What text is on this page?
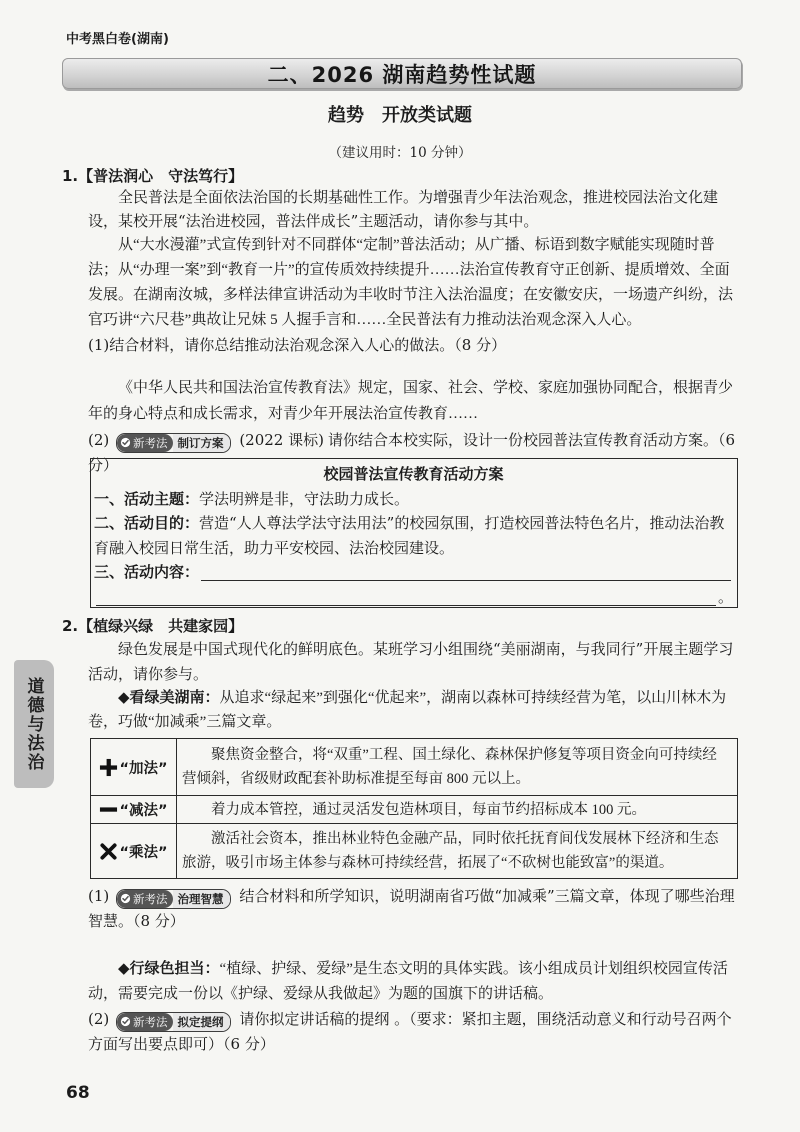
中考黑白卷(湖南)
二、2026 湖南趋势性试题
趋势　开放类试题
（建议用时：10 分钟）
1.【普法润心　守法笃行】

全民普法是全面依法治国的长期基础性工作。为增强青少年法治观念，推进校园法治文化建设，某校开展“法治进校园，普法伴成长”主题活动，请你参与其中。

从“大水漫灌”式宣传到针对不同群体“定制”普法活动；从广播、标语到数字赋能实现随时普法；从“办理一案”到“教育一片”的宣传质效持续提升……法治宣传教育守正创新、提质增效、全面发展。在湖南汝城，多样法律宣讲活动为丰收时节注入法治温度；在安徽安庆，一场遗产纠纷，法官巧讲“六尺巷”典故让兄妹 5 人握手言和……全民普法有力推动法治观念深入人心。

(1)结合材料，请你总结推动法治观念深入人心的做法。（8 分）

《中华人民共和国法治宣传教育法》规定，国家、社会、学校、家庭加强协同配合，根据青少年的身心特点和成长需求，对青少年开展法治宣传教育……

(2) 新考法 制订方案	(2022 课标) 请你结合本校实际，设计一份校园普法宣传教育活动方案。（6 分）

校园普法宣传教育活动方案

一、活动主题：学法明辨是非，守法助力成长。

二、活动目的：营造“人人尊法学法守法用法”的校园氛围，打造校园普法特色名片，推动法治教育融入校园日常生活，助力平安校园、法治校园建设。

三、活动内容：
。
2.【植绿兴绿　共建家园】

绿色发展是中国式现代化的鲜明底色。某班学习小组围绕“美丽湖南，与我同行”开展主题学习活动，请你参与。

◆看绿美湖南：从追求“绿起来”到强化“优起来”，湖南以森林可持续经营为笔，以山川林木为卷，巧做“加减乘”三篇文章。

“加法”	聚焦资金整合，将“双重”工程、国土绿化、森林保护修复等项目资金向可持续经营倾斜，省级财政配套补助标准提至每亩 800 元以上。

“减法”	着力成本管控，通过灵活发包造林项目，每亩节约招标成本 100 元。

“乘法”	激活社会资本，推出林业特色金融产品，同时依托抚育间伐发展林下经济和生态旅游，吸引市场主体参与森林可持续经营，拓展了“不砍树也能致富”的渠道。

(1) 新考法 治理智慧	结合材料和所学知识，说明湖南省巧做“加减乘”三篇文章，体现了哪些治理智慧。（8 分）

◆行绿色担当：“植绿、护绿、爱绿”是生态文明的具体实践。该小组成员计划组织校园宣传活动，需要完成一份以《护绿、爱绿从我做起》为题的国旗下的讲话稿。

(2) 新考法 拟定提纲	请你拟定讲话稿的提纲 。（要求：紧扣主题，围绕活动意义和行动号召两个方面写出要点即可）（6 分）

道德与法治
68
